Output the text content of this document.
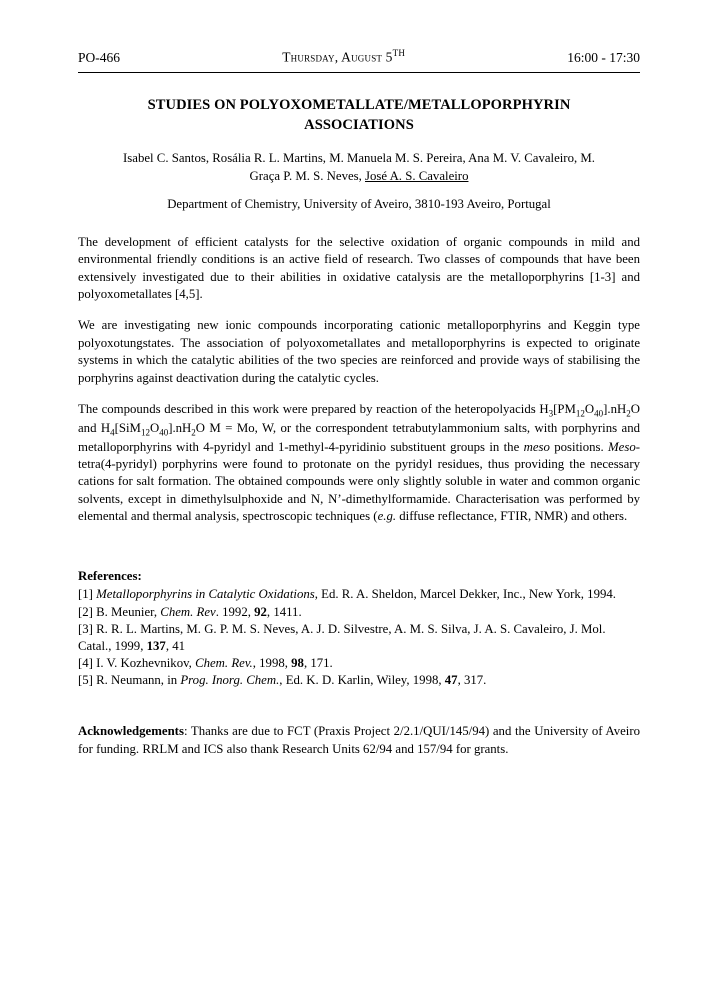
PO-466	Thursday, August 5TH	16:00 - 17:30
STUDIES ON POLYOXOMETALLATE/METALLOPORPHYRIN ASSOCIATIONS
Isabel C. Santos, Rosália R. L. Martins, M. Manuela M. S. Pereira, Ana M. V. Cavaleiro, M.
Graça P. M. S. Neves, José A. S. Cavaleiro
Department of Chemistry, University of Aveiro, 3810-193 Aveiro, Portugal

The development of efficient catalysts for the selective oxidation of organic compounds in mild and environmental friendly conditions is an active field of research. Two classes of compounds that have been extensively investigated due to their abilities in oxidative catalysis are the metalloporphyrins [1-3] and polyoxometallates [4,5].

We are investigating new ionic compounds incorporating cationic metalloporphyrins and Keggin type polyoxotungstates. The association of polyoxometallates and metalloporphyrins is expected to originate systems in which the catalytic abilities of the two species are reinforced and provide ways of stabilising the porphyrins against deactivation during the catalytic cycles.

The compounds described in this work were prepared by reaction of the heteropolyacids $H_3[PM_{12}O_{40}].nH_2O$ and $H_4[SiM_{12}O_{40}].nH_2O$ M = Mo, W, or the correspondent tetrabutylammonium salts, with porphyrins and metalloporphyrins with 4-pyridyl and 1-methyl-4-pyridinio substituent groups in the meso positions. Meso-tetra(4-pyridyl) porphyrins were found to protonate on the pyridyl residues, thus providing the necessary cations for salt formation. The obtained compounds were only slightly soluble in water and common organic solvents, except in dimethylsulphoxide and N, N’-dimethylformamide. Characterisation was performed by elemental and thermal analysis, spectroscopic techniques (e.g. diffuse reflectance, FTIR, NMR) and others.

References:

[1] Metalloporphyrins in Catalytic Oxidations, Ed. R. A. Sheldon, Marcel Dekker, Inc., New York, 1994.

[2] B. Meunier, Chem. Rev. 1992, 92, 1411.

[3] R. R. L. Martins, M. G. P. M. S. Neves, A. J. D. Silvestre, A. M. S. Silva, J. A. S. Cavaleiro, J. Mol. Catal., 1999, 137, 41

[4] I. V. Kozhevnikov, Chem. Rev., 1998, 98, 171.

[5] R. Neumann, in Prog. Inorg. Chem., Ed. K. D. Karlin, Wiley, 1998, 47, 317.

Acknowledgements: Thanks are due to FCT (Praxis Project 2/2.1/QUI/145/94) and the University of Aveiro for funding. RRLM and ICS also thank Research Units 62/94 and 157/94 for grants.
